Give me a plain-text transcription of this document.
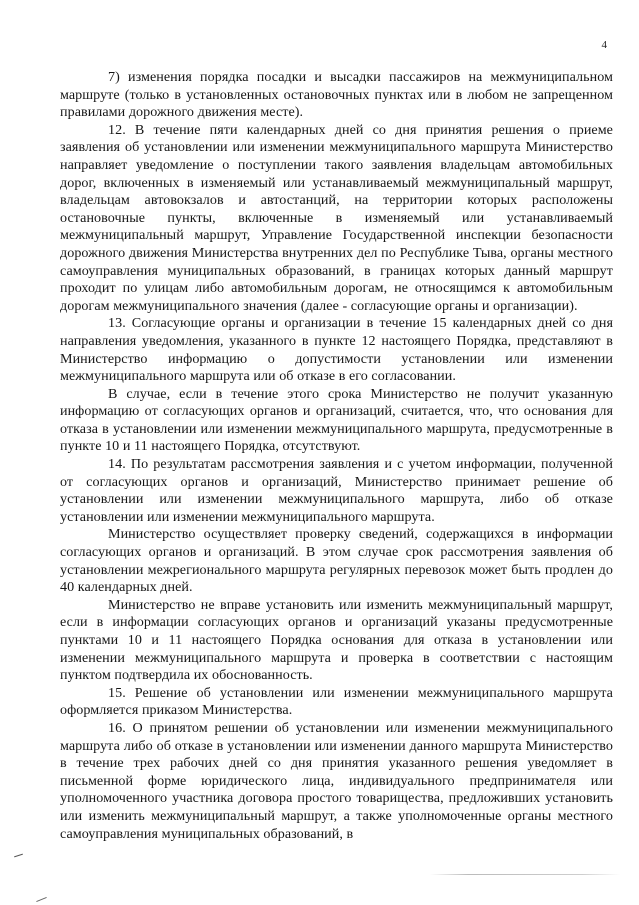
4

7) изменения порядка посадки и высадки пассажиров на межмуниципальном маршруте (только в установленных остановочных пунктах или в любом не запрещенном правилами дорожного движения месте).

12. В течение пяти календарных дней со дня принятия решения о приеме заявления об установлении или изменении межмуниципального маршрута Министерство направляет уведомление о поступлении такого заявления владельцам автомобильных дорог, включенных в изменяемый или устанавливаемый межмуниципальный маршрут, владельцам автовокзалов и автостанций, на территории которых расположены остановочные пункты, включенные в изменяемый или устанавливаемый межмуниципальный маршрут, Управление Государственной инспекции безопасности дорожного движения Министерства внутренних дел по Республике Тыва, органы местного самоуправления муниципальных образований, в границах которых данный маршрут проходит по улицам либо автомобильным дорогам, не относящимся к автомобильным дорогам межмуниципального значения (далее - согласующие органы и организации).

13. Согласующие органы и организации в течение 15 календарных дней со дня направления уведомления, указанного в пункте 12 настоящего Порядка, представляют в Министерство информацию о допустимости установлении или изменении межмуниципального маршрута или об отказе в его согласовании.

В случае, если в течение этого срока Министерство не получит указанную информацию от согласующих органов и организаций, считается, что, что основания для отказа в установлении или изменении межмуниципального маршрута, предусмотренные в пункте 10 и 11 настоящего Порядка, отсутствуют.

14. По результатам рассмотрения заявления и с учетом информации, полученной от согласующих органов и организаций, Министерство принимает решение об установлении или изменении межмуниципального маршрута, либо об отказе установлении или изменении межмуниципального маршрута.

Министерство осуществляет проверку сведений, содержащихся в информации согласующих органов и организаций. В этом случае срок рассмотрения заявления об установлении межрегионального маршрута регулярных перевозок может быть продлен до 40 календарных дней.

Министерство не вправе установить или изменить межмуниципальный маршрут, если в информации согласующих органов и организаций указаны предусмотренные пунктами 10 и 11 настоящего Порядка основания для отказа в установлении или изменении межмуниципального маршрута и проверка в соответствии с настоящим пунктом подтвердила их обоснованность.

15. Решение об установлении или изменении межмуниципального маршрута оформляется приказом Министерства.

16. О принятом решении об установлении или изменении межмуниципального маршрута либо об отказе в установлении или изменении данного маршрута Министерство в течение трех рабочих дней со дня принятия указанного решения уведомляет в письменной форме юридического лица, индивидуального предпринимателя или уполномоченного участника договора простого товарищества, предложивших установить или изменить межмуниципальный маршрут, а также уполномоченные органы местного самоуправления муниципальных образований, в
